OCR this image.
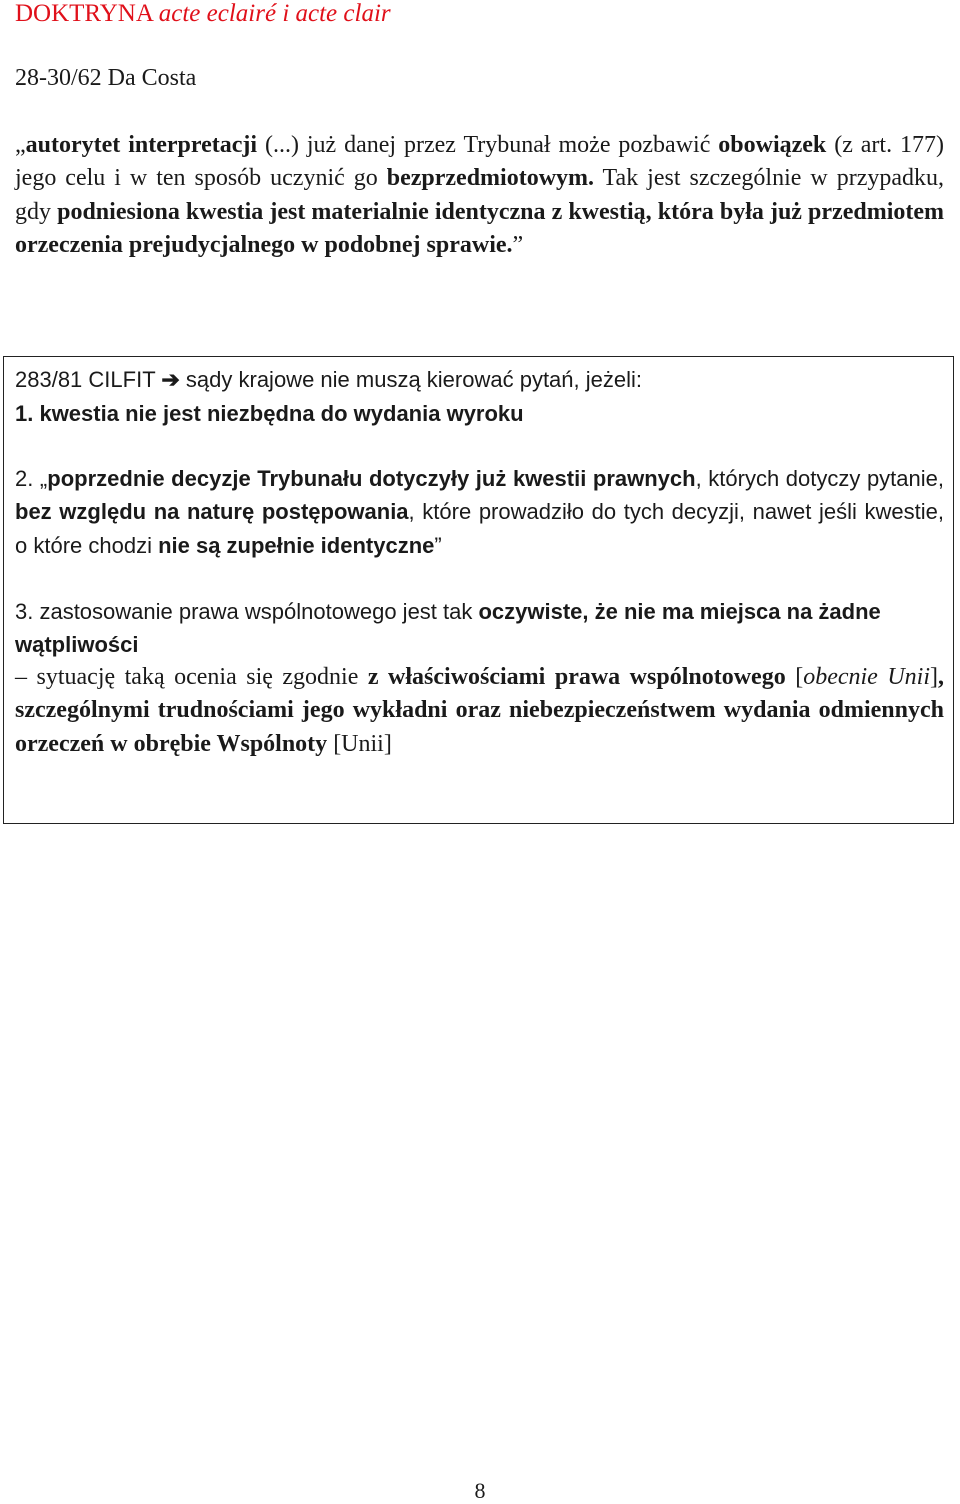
DOKTRYNA acte eclairé i acte clair
28-30/62 Da Costa
„autorytet interpretacji (...) już danej przez Trybunał może pozbawić obowiązek (z art. 177) jego celu i w ten sposób uczynić go bezprzedmiotowym. Tak jest szczególnie w przypadku, gdy podniesiona kwestia jest materialnie identyczna z kwestią, która była już przedmiotem orzeczenia prejudycjalnego w podobnej sprawie.”
283/81 CILFIT ➔ sądy krajowe nie muszą kierować pytań, jeżeli:
1. kwestia nie jest niezbędna do wydania wyroku
2. „poprzednie decyzje Trybunału dotyczyły już kwestii prawnych, których dotyczy pytanie, bez względu na naturę postępowania, które prowadziło do tych decyzji, nawet jeśli kwestie, o które chodzi nie są zupełnie identyczne”
3. zastosowanie prawa wspólnotowego jest tak oczywiste, że nie ma miejsca na żadne wątpliwości
– sytuację taką ocenia się zgodnie z właściwościami prawa wspólnotowego [obecnie Unii], szczególnymi trudnościami jego wykładni oraz niebezpieczeństwem wydania odmiennych orzeczeń w obrębie Wspólnoty [Unii]
8
